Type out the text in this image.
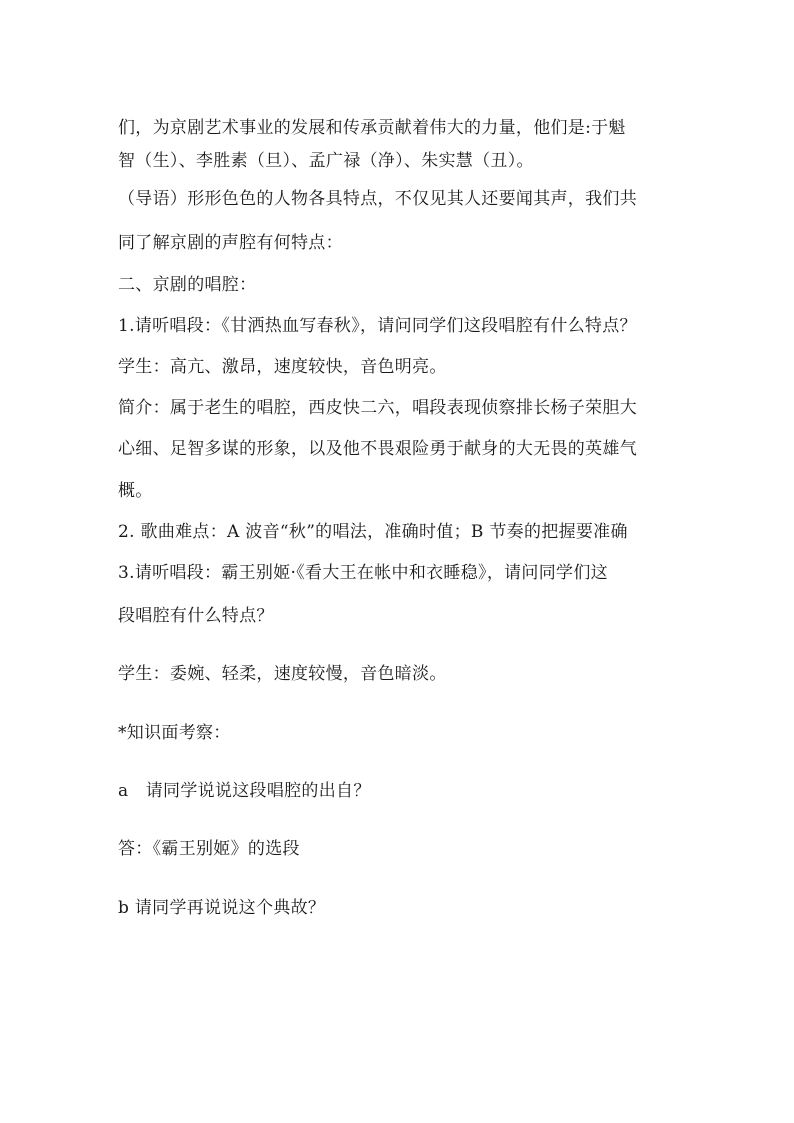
们，为京剧艺术事业的发展和传承贡献着伟大的力量，他们是:于魁
智（生）、李胜素（旦）、孟广禄（净）、朱实慧（丑）。
（导语）形形色色的人物各具特点，不仅见其人还要闻其声，我们共
同了解京剧的声腔有何特点：
二、京剧的唱腔：
1.请听唱段：《甘洒热血写春秋》，请问同学们这段唱腔有什么特点？
学生：高亢、激昂，速度较快，音色明亮。
简介：属于老生的唱腔，西皮快二六，唱段表现侦察排长杨子荣胆大
心细、足智多谋的形象，以及他不畏艰险勇于献身的大无畏的英雄气
概。
2. 歌曲难点：A 波音“秋”的唱法，准确时值；B 节奏的把握要准确
3.请听唱段：霸王别姬·《看大王在帐中和衣睡稳》，请问同学们这
段唱腔有什么特点？
学生：委婉、轻柔，速度较慢，音色暗淡。
*知识面考察：
a　请同学说说这段唱腔的出自？
答：《霸王别姬》的选段
b 请同学再说说这个典故？
